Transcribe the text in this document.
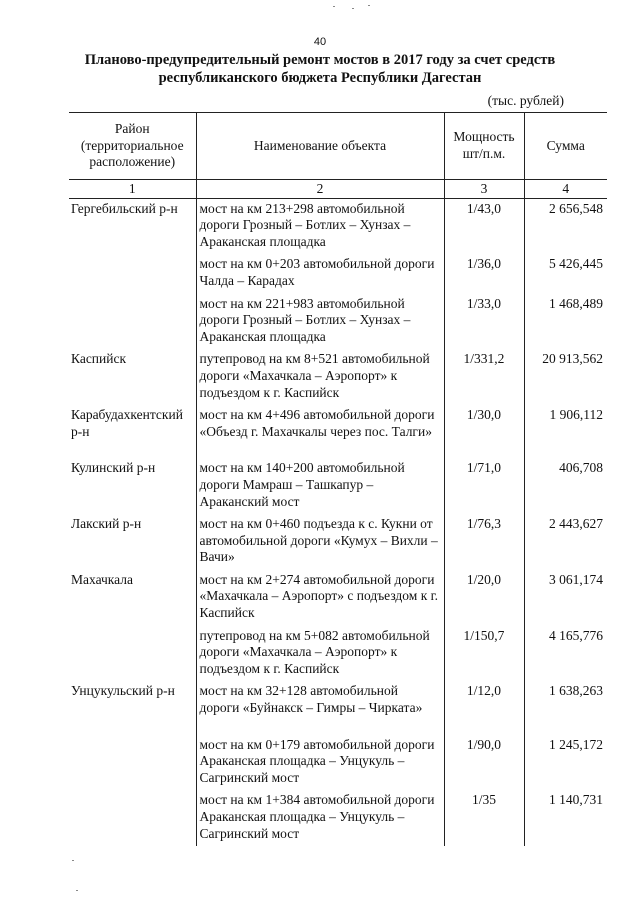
40
Планово-предупредительный ремонт мостов в 2017 году за счет средств
республиканского бюджета Республики Дагестан
(тыс. рублей)
Район (территориальное расположение)	Наименование объекта	Мощность шт/п.м.	Сумма
1	2	3	4
Гергебильский р-н	мост на км 213+298 автомобильной дороги Грозный – Ботлих – Хунзах – Араканская площадка	1/43,0	2 656,548
	мост на км 0+203 автомобильной дороги Чалда – Карадах	1/36,0	5 426,445
	мост на км 221+983 автомобильной дороги Грозный – Ботлих – Хунзах – Араканская площадка	1/33,0	1 468,489
Каспийск	путепровод на км 8+521 автомобильной дороги «Махачкала – Аэропорт» к подъездом к г. Каспийск	1/331,2	20 913,562
Карабудахкентский р-н	мост на км 4+496 автомобильной дороги «Объезд г. Махачкалы через пос. Талги»	1/30,0	1 906,112
Кулинский р-н	мост на км 140+200 автомобильной дороги Мамраш – Ташкапур – Араканский мост	1/71,0	406,708
Лакский р-н	мост на км 0+460 подъезда к с. Кукни от автомобильной дороги «Кумух – Вихли – Вачи»	1/76,3	2 443,627
Махачкала	мост на км 2+274 автомобильной дороги «Махачкала – Аэропорт» с подъездом к г. Каспийск	1/20,0	3 061,174
	путепровод на км 5+082 автомобильной дороги «Махачкала – Аэропорт» к подъездом к г. Каспийск	1/150,7	4 165,776
Унцукульский р-н	мост на км 32+128 автомобильной дороги «Буйнакск – Гимры – Чирката»	1/12,0	1 638,263
	мост на км 0+179 автомобильной дороги Араканская площадка – Унцукуль – Сагринский мост	1/90,0	1 245,172
	мост на км 1+384 автомобильной дороги Араканская площадка – Унцукуль – Сагринский мост	1/35	1 140,731
